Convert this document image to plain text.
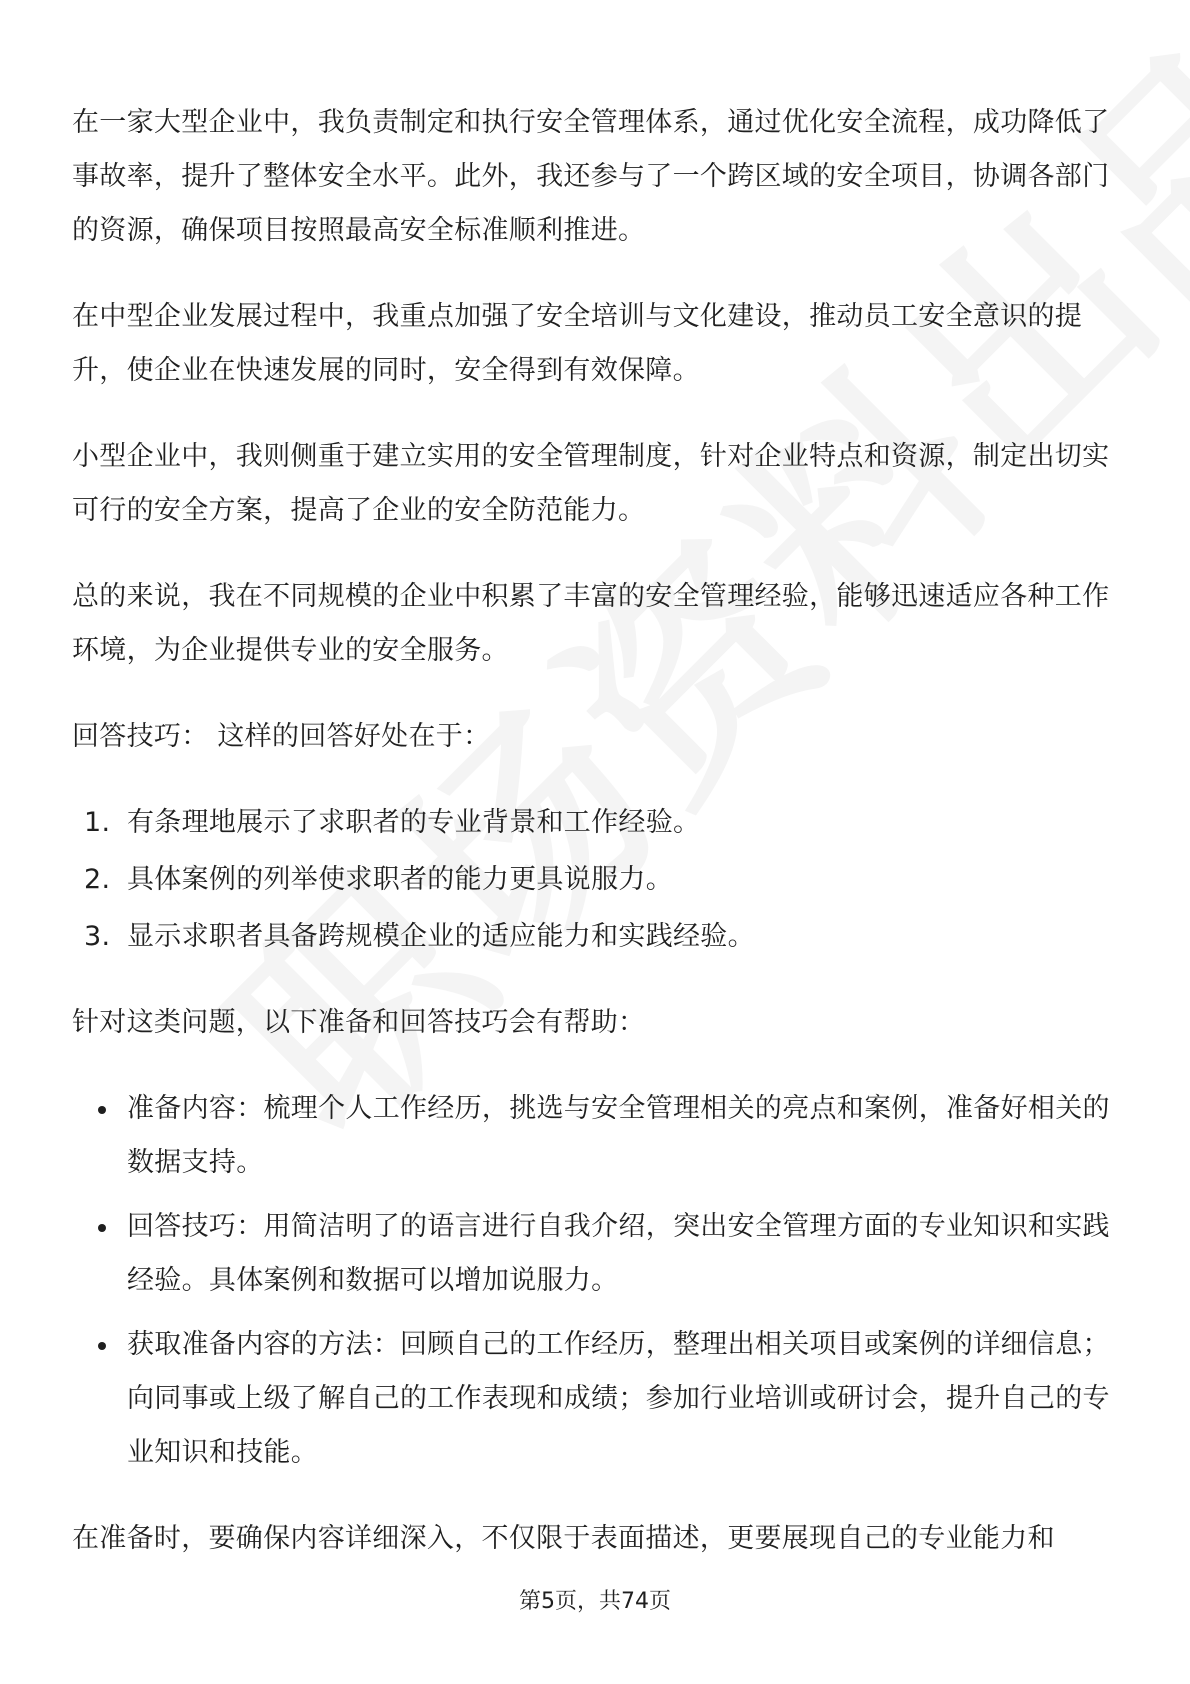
在一家大型企业中，我负责制定和执行安全管理体系，通过优化安全流程，成功降低了事故率，提升了整体安全水平。此外，我还参与了一个跨区域的安全项目，协调各部门的资源，确保项目按照最高安全标准顺利推进。

在中型企业发展过程中，我重点加强了安全培训与文化建设，推动员工安全意识的提升，使企业在快速发展的同时，安全得到有效保障。

小型企业中，我则侧重于建立实用的安全管理制度，针对企业特点和资源，制定出切实可行的安全方案，提高了企业的安全防范能力。

总的来说，我在不同规模的企业中积累了丰富的安全管理经验，能够迅速适应各种工作环境，为企业提供专业的安全服务。

回答技巧： 这样的回答好处在于：

1. 有条理地展示了求职者的专业背景和工作经验。
2. 具体案例的列举使求职者的能力更具说服力。
3. 显示求职者具备跨规模企业的适应能力和实践经验。

针对这类问题，以下准备和回答技巧会有帮助：

准备内容：梳理个人工作经历，挑选与安全管理相关的亮点和案例，准备好相关的数据支持。
回答技巧：用简洁明了的语言进行自我介绍，突出安全管理方面的专业知识和实践经验。具体案例和数据可以增加说服力。
获取准备内容的方法：回顾自己的工作经历，整理出相关项目或案例的详细信息；向同事或上级了解自己的工作表现和成绩；参加行业培训或研讨会，提升自己的专业知识和技能。

在准备时，要确保内容详细深入，不仅限于表面描述，更要展现自己的专业能力和

第5页，共74页
